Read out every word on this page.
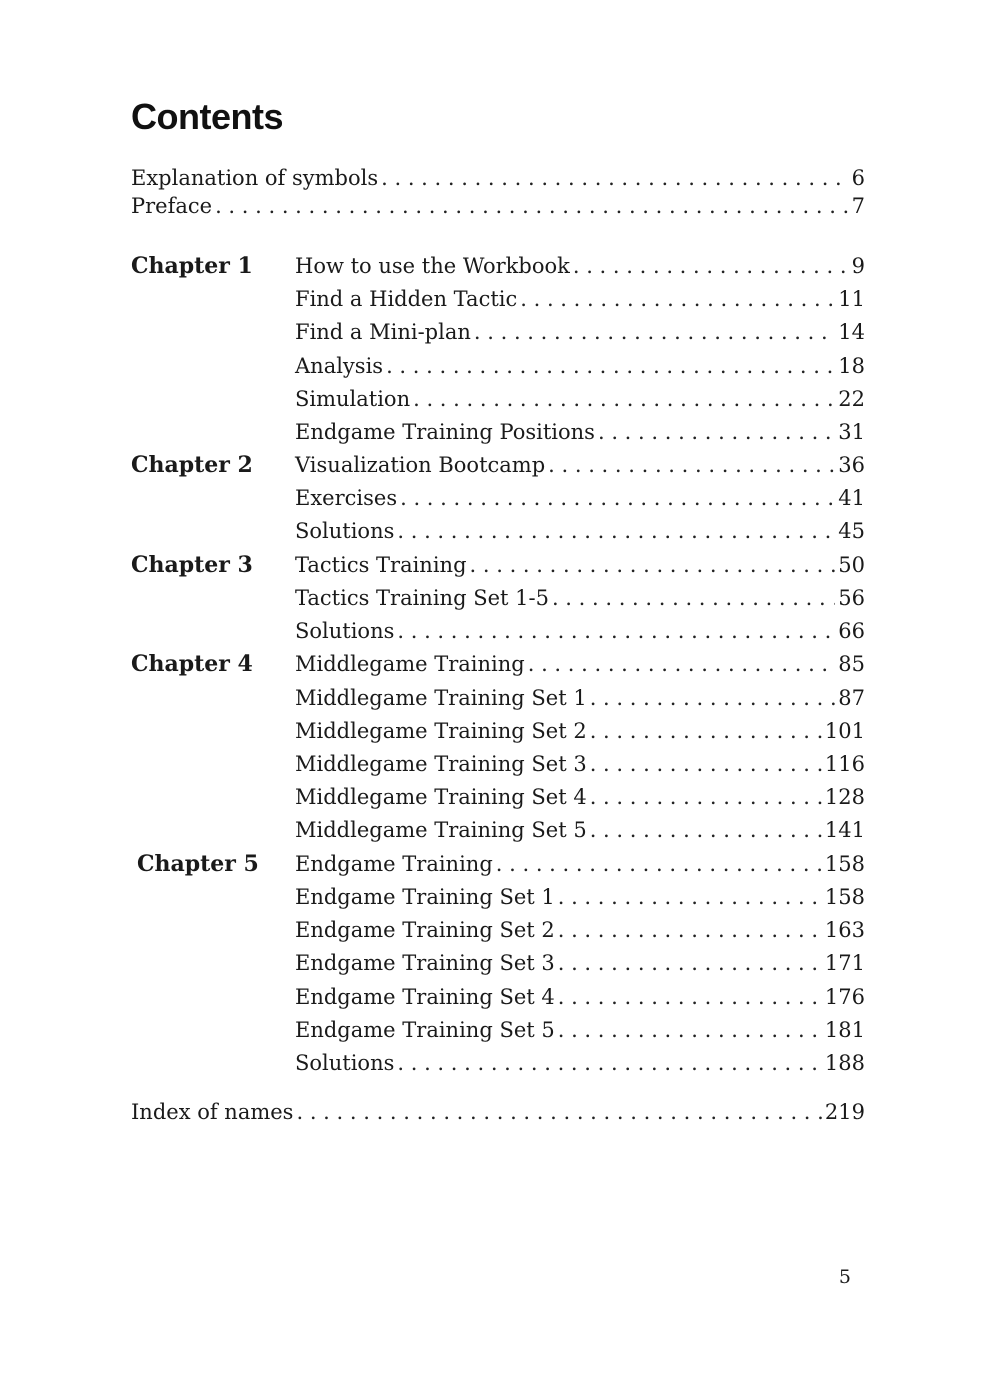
Contents
Explanation of symbols . . .	6
Preface . . .	7
Chapter 1 How to use the Workbook . . .	9
Find a Hidden Tactic . . .	11
Find a Mini-plan . . .	14
Analysis . . .	18
Simulation . . .	22
Endgame Training Positions . . .	31
Chapter 2 Visualization Bootcamp . . .	36
Exercises . . .	41
Solutions . . .	45
Chapter 3 Tactics Training . . .	50
Tactics Training Set 1-5 . . .	56
Solutions . . .	66
Chapter 4 Middlegame Training . . .	85
Middlegame Training Set 1 . . .	87
Middlegame Training Set 2 . . .	101
Middlegame Training Set 3 . . .	116
Middlegame Training Set 4 . . .	128
Middlegame Training Set 5 . . .	141
Chapter 5 Endgame Training . . .	158
Endgame Training Set 1 . . .	158
Endgame Training Set 2 . . .	163
Endgame Training Set 3 . . .	171
Endgame Training Set 4 . . .	176
Endgame Training Set 5 . . .	181
Solutions . . .	188
Index of names . . .	219
5
